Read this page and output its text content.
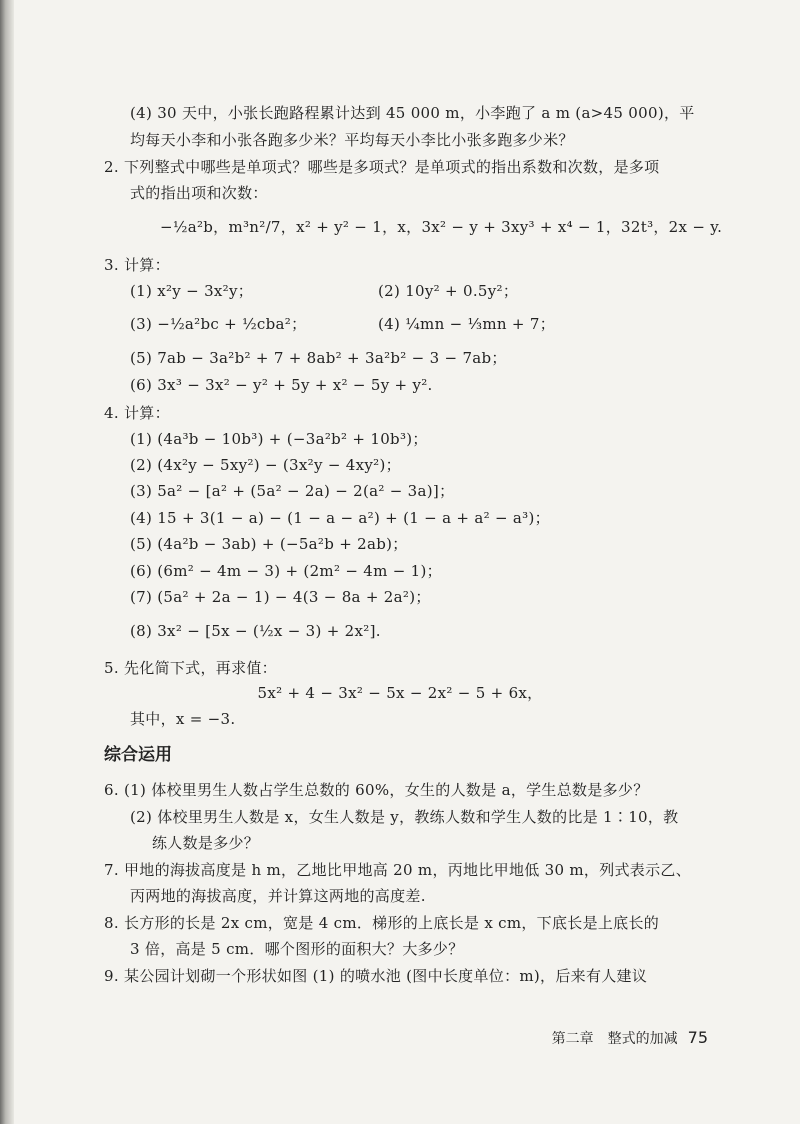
(4) 30 天中，小张长跑路程累计达到 45 000 m，小李跑了 a m (a>45 000)，平
均每天小李和小张各跑多少米？平均每天小李比小张多跑多少米？
2. 下列整式中哪些是单项式？哪些是多项式？是单项式的指出系数和次数，是多项
式的指出项和次数：
−½a²b，m³n²/7，x² + y² − 1，x，3x² − y + 3xy³ + x⁴ − 1，32t³，2x − y.
3. 计算：
(1) x²y − 3x²y；	(2) 10y² + 0.5y²；
(3) −½a²bc + ½cba²；	(4) ¼mn − ⅓mn + 7；
(5) 7ab − 3a²b² + 7 + 8ab² + 3a²b² − 3 − 7ab；
(6) 3x³ − 3x² − y² + 5y + x² − 5y + y².
4. 计算：
(1) (4a³b − 10b³) + (−3a²b² + 10b³)；
(2) (4x²y − 5xy²) − (3x²y − 4xy²)；
(3) 5a² − [a² + (5a² − 2a) − 2(a² − 3a)]；
(4) 15 + 3(1 − a) − (1 − a − a²) + (1 − a + a² − a³)；
(5) (4a²b − 3ab) + (−5a²b + 2ab)；
(6) (6m² − 4m − 3) + (2m² − 4m − 1)；
(7) (5a² + 2a − 1) − 4(3 − 8a + 2a²)；
(8) 3x² − [5x − (½x − 3) + 2x²].
5. 先化简下式，再求值：
5x² + 4 − 3x² − 5x − 2x² − 5 + 6x，
其中，x = −3.
综合运用
6. (1) 体校里男生人数占学生总数的 60%，女生的人数是 a，学生总数是多少？
(2) 体校里男生人数是 x，女生人数是 y，教练人数和学生人数的比是 1∶10，教
练人数是多少？
7. 甲地的海拔高度是 h m，乙地比甲地高 20 m，丙地比甲地低 30 m，列式表示乙、
丙两地的海拔高度，并计算这两地的高度差.
8. 长方形的长是 2x cm，宽是 4 cm．梯形的上底长是 x cm，下底长是上底长的
3 倍，高是 5 cm．哪个图形的面积大？大多少？
9. 某公园计划砌一个形状如图 (1) 的喷水池 (图中长度单位：m)，后来有人建议
第二章　整式的加减 75
